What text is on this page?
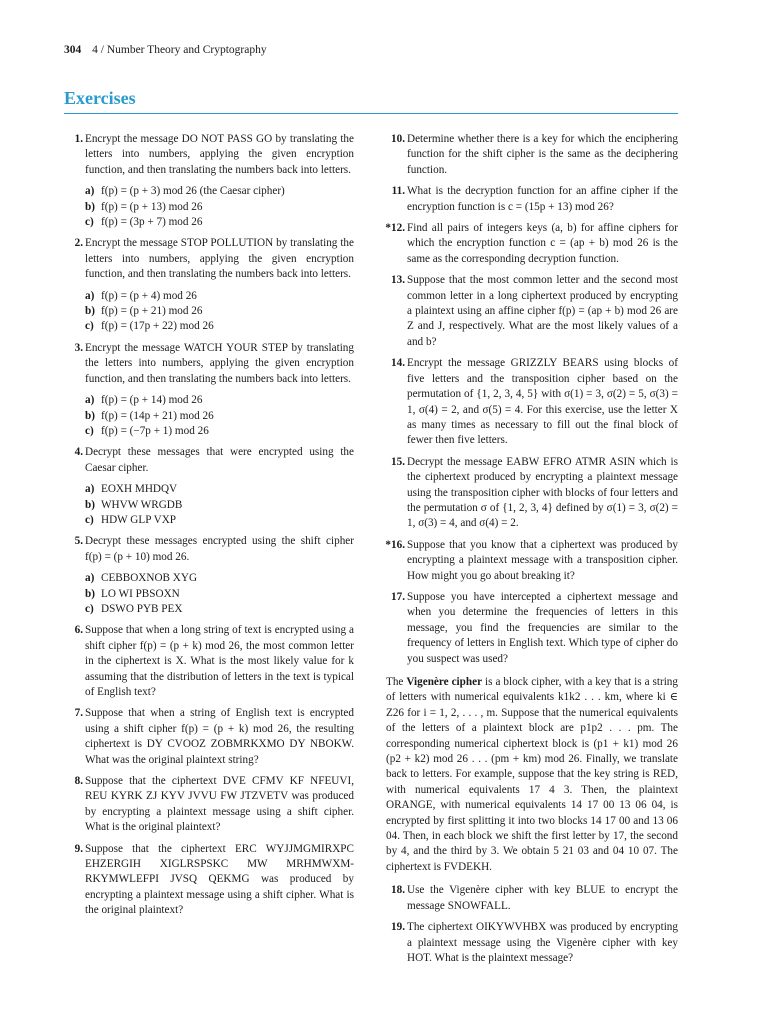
304 4 / Number Theory and Cryptography
Exercises
1. Encrypt the message DO NOT PASS GO by translating the letters into numbers, applying the given encryption function, and then translating the numbers back into letters.
a) f(p) = (p + 3) mod 26 (the Caesar cipher)
b) f(p) = (p + 13) mod 26
c) f(p) = (3p + 7) mod 26
2. Encrypt the message STOP POLLUTION by translating the letters into numbers, applying the given encryption function, and then translating the numbers back into letters.
a) f(p) = (p + 4) mod 26
b) f(p) = (p + 21) mod 26
c) f(p) = (17p + 22) mod 26
3. Encrypt the message WATCH YOUR STEP by translating the letters into numbers, applying the given encryption function, and then translating the numbers back into letters.
a) f(p) = (p + 14) mod 26
b) f(p) = (14p + 21) mod 26
c) f(p) = (−7p + 1) mod 26
4. Decrypt these messages that were encrypted using the Caesar cipher.
a) EOXH MHDQV
b) WHVW WRGDB
c) HDW GLP VXP
5. Decrypt these messages encrypted using the shift cipher f(p) = (p + 10) mod 26.
a) CEBBOXNOB XYG
b) LO WI PBSOXN
c) DSWO PYB PEX
6. Suppose that when a long string of text is encrypted using a shift cipher f(p) = (p + k) mod 26, the most common letter in the ciphertext is X. What is the most likely value for k assuming that the distribution of letters in the text is typical of English text?
7. Suppose that when a string of English text is encrypted using a shift cipher f(p) = (p + k) mod 26, the resulting ciphertext is DY CVOOZ ZOBMRKXMO DY NBOKW. What was the original plaintext string?
8. Suppose that the ciphertext DVE CFMV KF NFEUVI, REU KYRK ZJ KYV JVVU FW JTZVETV was produced by encrypting a plaintext message using a shift cipher. What is the original plaintext?
9. Suppose that the ciphertext ERC WYJJMGMIRXPC EHZERGIH XIGLRSPSKC MW MRHMWXM-RKYMWLEFPI JVSQ QEKMG was produced by encrypting a plaintext message using a shift cipher. What is the original plaintext?
10. Determine whether there is a key for which the enciphering function for the shift cipher is the same as the deciphering function.
11. What is the decryption function for an affine cipher if the encryption function is c = (15p + 13) mod 26?
*12. Find all pairs of integers keys (a, b) for affine ciphers for which the encryption function c = (ap + b) mod 26 is the same as the corresponding decryption function.
13. Suppose that the most common letter and the second most common letter in a long ciphertext produced by encrypting a plaintext using an affine cipher f(p) = (ap + b) mod 26 are Z and J, respectively. What are the most likely values of a and b?
14. Encrypt the message GRIZZLY BEARS using blocks of five letters and the transposition cipher based on the permutation of {1, 2, 3, 4, 5} with σ(1) = 3, σ(2) = 5, σ(3) = 1, σ(4) = 2, and σ(5) = 4. For this exercise, use the letter X as many times as necessary to fill out the final block of fewer then five letters.
15. Decrypt the message EABW EFRO ATMR ASIN which is the ciphertext produced by encrypting a plaintext message using the transposition cipher with blocks of four letters and the permutation σ of {1, 2, 3, 4} defined by σ(1) = 3, σ(2) = 1, σ(3) = 4, and σ(4) = 2.
*16. Suppose that you know that a ciphertext was produced by encrypting a plaintext message with a transposition cipher. How might you go about breaking it?
17. Suppose you have intercepted a ciphertext message and when you determine the frequencies of letters in this message, you find the frequencies are similar to the frequency of letters in English text. Which type of cipher do you suspect was used?
The Vigenère cipher is a block cipher, with a key that is a string of letters with numerical equivalents k1k2 . . . km, where ki ∈ Z26 for i = 1, 2, . . . , m. Suppose that the numerical equivalents of the letters of a plaintext block are p1p2 . . . pm. The corresponding numerical ciphertext block is (p1 + k1) mod 26 (p2 + k2) mod 26 . . . (pm + km) mod 26. Finally, we translate back to letters. For example, suppose that the key string is RED, with numerical equivalents 17 4 3. Then, the plaintext ORANGE, with numerical equivalents 14 17 00 13 06 04, is encrypted by first splitting it into two blocks 14 17 00 and 13 06 04. Then, in each block we shift the first letter by 17, the second by 4, and the third by 3. We obtain 5 21 03 and 04 10 07. The ciphertext is FVDEKH.
18. Use the Vigenère cipher with key BLUE to encrypt the message SNOWFALL.
19. The ciphertext OIKYWVHBX was produced by encrypting a plaintext message using the Vigenère cipher with key HOT. What is the plaintext message?
